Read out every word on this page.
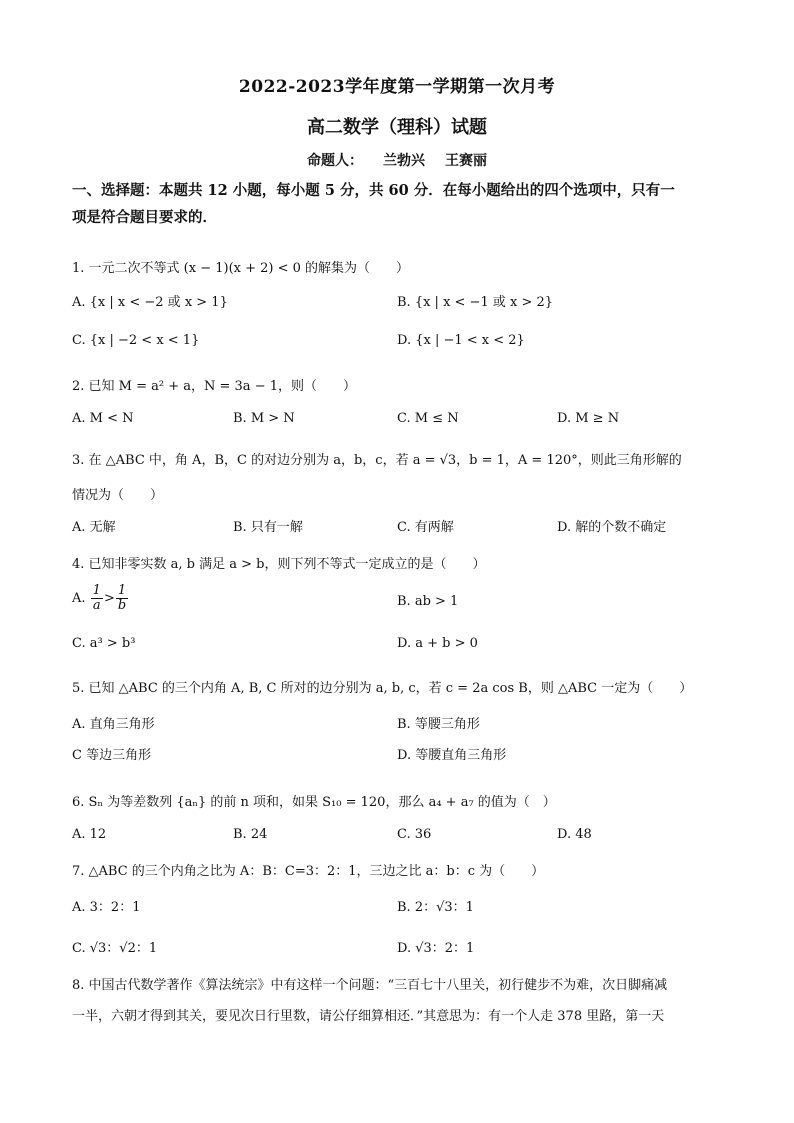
2022-2023学年度第一学期第一次月考
高二数学（理科）试题
命题人： 兰勃兴 王赛丽
一、选择题：本题共 12 小题，每小题 5 分，共 60 分．在每小题给出的四个选项中，只有一
项是符合题目要求的．
1. 一元二次不等式 (x − 1)(x + 2) < 0 的解集为（　　）
A. {x | x < −2 或 x > 1}	B. {x | x < −1 或 x > 2}
C. {x | −2 < x < 1}	D. {x | −1 < x < 2}
2. 已知 M = a² + a，N = 3a − 1，则（　　）
A. M < N	B. M > N	C. M ≤ N	D. M ≥ N
3. 在 △ABC 中，角 A，B，C 的对边分别为 a，b，c，若 a = √3，b = 1，A = 120°，则此三角形解的
情况为（　　）
A. 无解	B. 只有一解	C. 有两解	D. 解的个数不确定
4. 已知非零实数 a, b 满足 a > b，则下列不等式一定成立的是（　　）
A. $\frac{1}{a} > \frac{1}{b}$	B. ab > 1
C. a³ > b³	D. a + b > 0
5. 已知 △ABC 的三个内角 A, B, C 所对的边分别为 a, b, c，若 c = 2a cos B，则 △ABC 一定为（　　）
A. 直角三角形	B. 等腰三角形
C 等边三角形	D. 等腰直角三角形
6. Sₙ 为等差数列 {aₙ} 的前 n 项和，如果 S₁₀ = 120，那么 a₄ + a₇ 的值为（　）
A. 12	B. 24	C. 36	D. 48
7. △ABC 的三个内角之比为 A：B：C=3：2：1，三边之比 a：b：c 为（　　）
A. 3：2：1	B. 2：√3：1
C. √3：√2：1	D. √3：2：1
8. 中国古代数学著作《算法统宗》中有这样一个问题：“三百七十八里关，初行健步不为难，次日脚痛减
一半，六朝才得到其关，要见次日行里数，请公仔细算相还．”其意思为：有一个人走 378 里路，第一天
